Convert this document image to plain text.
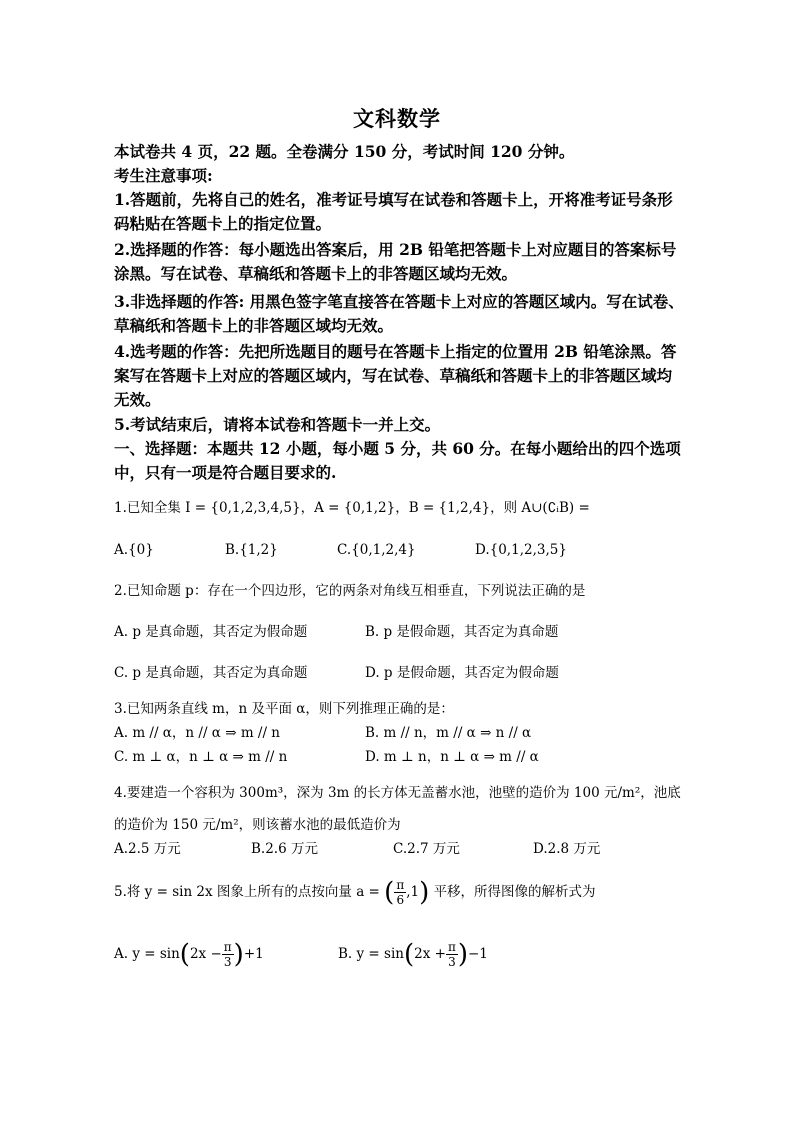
文科数学
本试卷共 4 页，22 题。全卷满分 150 分，考试时间 120 分钟。
考生注意事项:
1.答题前，先将自己的姓名，准考证号填写在试卷和答题卡上，开将准考证号条形码粘贴在答题卡上的指定位置。
2.选择题的作答：每小题选出答案后，用 2B 铅笔把答题卡上对应题目的答案标号涂黑。写在试卷、草稿纸和答题卡上的非答题区域均无效。
3.非选择题的作答: 用黑色签字笔直接答在答题卡上对应的答题区域内。写在试卷、草稿纸和答题卡上的非答题区域均无效。
4.选考题的作答：先把所选题目的题号在答题卡上指定的位置用 2B 铅笔涂黑。答案写在答题卡上对应的答题区域内，写在试卷、草稿纸和答题卡上的非答题区域均无效。
5.考试结束后，请将本试卷和答题卡一并上交。
一、选择题：本题共 12 小题，每小题 5 分，共 60 分。在每小题给出的四个选项中，只有一项是符合题目要求的.
1.已知全集 I = {0,1,2,3,4,5}，A = {0,1,2}，B = {1,2,4}，则 A∪(∁ᵢB) =
A.{0}	B.{1,2}	C.{0,1,2,4}	D.{0,1,2,3,5}
2.已知命题 p：存在一个四边形，它的两条对角线互相垂直，下列说法正确的是
A. p 是真命题，其否定为假命题	B. p 是假命题，其否定为真命题
C. p 是真命题，其否定为真命题	D. p 是假命题，其否定为假命题
3.已知两条直线 m，n 及平面 α，则下列推理正确的是：
A. m // α，n // α ⇒ m // n	B. m // n，m // α ⇒ n // α
C. m ⊥ α，n ⊥ α ⇒ m // n	D. m ⊥ n，n ⊥ α ⇒ m // α
4.要建造一个容积为 300m³，深为 3m 的长方体无盖蓄水池，池壁的造价为 100 元/m²，池底
的造价为 150 元/m²，则该蓄水池的最低造价为
A.2.5 万元	B.2.6 万元	C.2.7 万元	D.2.8 万元
5.将 y = sin 2x 图象上所有的点按向量 a = ( $\frac{\pi}{6} ,1$) 平移，所得图像的解析式为
A. $y = \sin(2x - \frac{\pi}{3} )+1$	B. $y = \sin(2x + \frac{\pi}{3} )-1$
